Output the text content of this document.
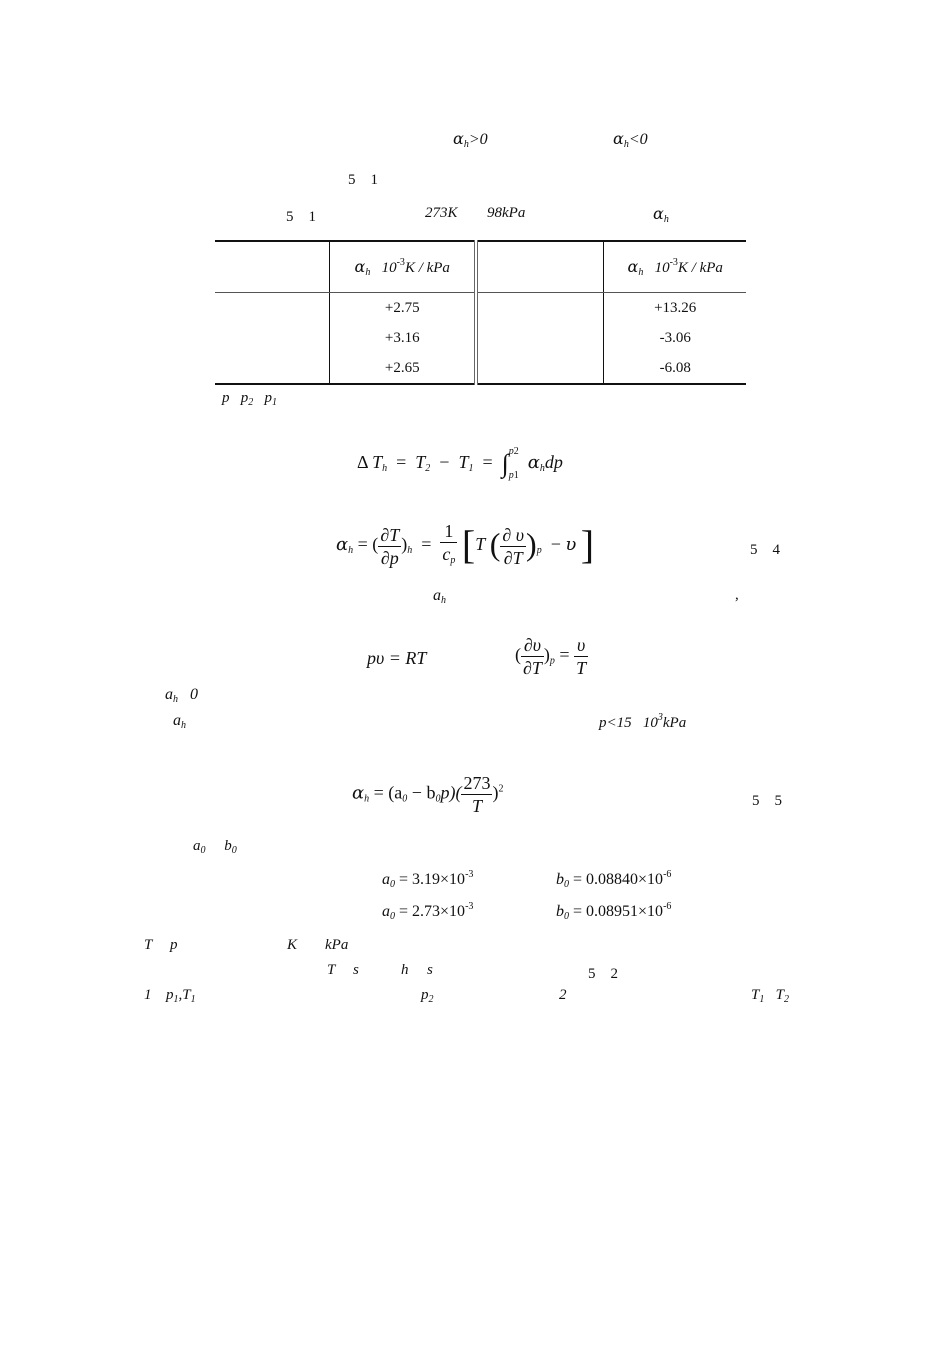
$\alpha_h>0$	$\alpha_h<0$
5　1
5　1	273K 98kPa	$\alpha_h$
	$\alpha_h$ $10^{-3}K$ / kPa		$\alpha_h$ $10^{-3}K$ / kPa
	+2.75		+13.26
	+3.16		-3.06
	+2.65		-6.08
p $p_2$ $p_1$
Δ $T_h = T_2 - T_1 = \int p2$

p1  $\alpha_hdp$
$\alpha_h$ = ( $\frac{\partial T}{\partial p} )_h = \frac{1}{c_p} [T$ ( $\frac{\partial \upsilon}{\partial T} )_p - \upsilon$ ]	5　4
$a_h$	,
pυ = RT	( $\frac{\partial\upsilon}{\partial T} )_p = \frac{\upsilon}{T}$
$a_h$ 0
$a_h$	p<15 $10^3kPa$
$\alpha_h = (a_0 - b_0p)( \frac{273}{T} )^2$
5　5
$a_0$ $b_0$
$a_0 = 3.19\times 10^{-3}$	$b_0 = 0.08840\times 10^{-6}$
$a_0 = 2.73\times 10^{-3}$	$b_0 = 0.08951\times 10^{-6}$
T p	K kPa
T s	h s	5　2
1 $p_1,T_1$	$p_2$	2	$T_1$ $T_2$
